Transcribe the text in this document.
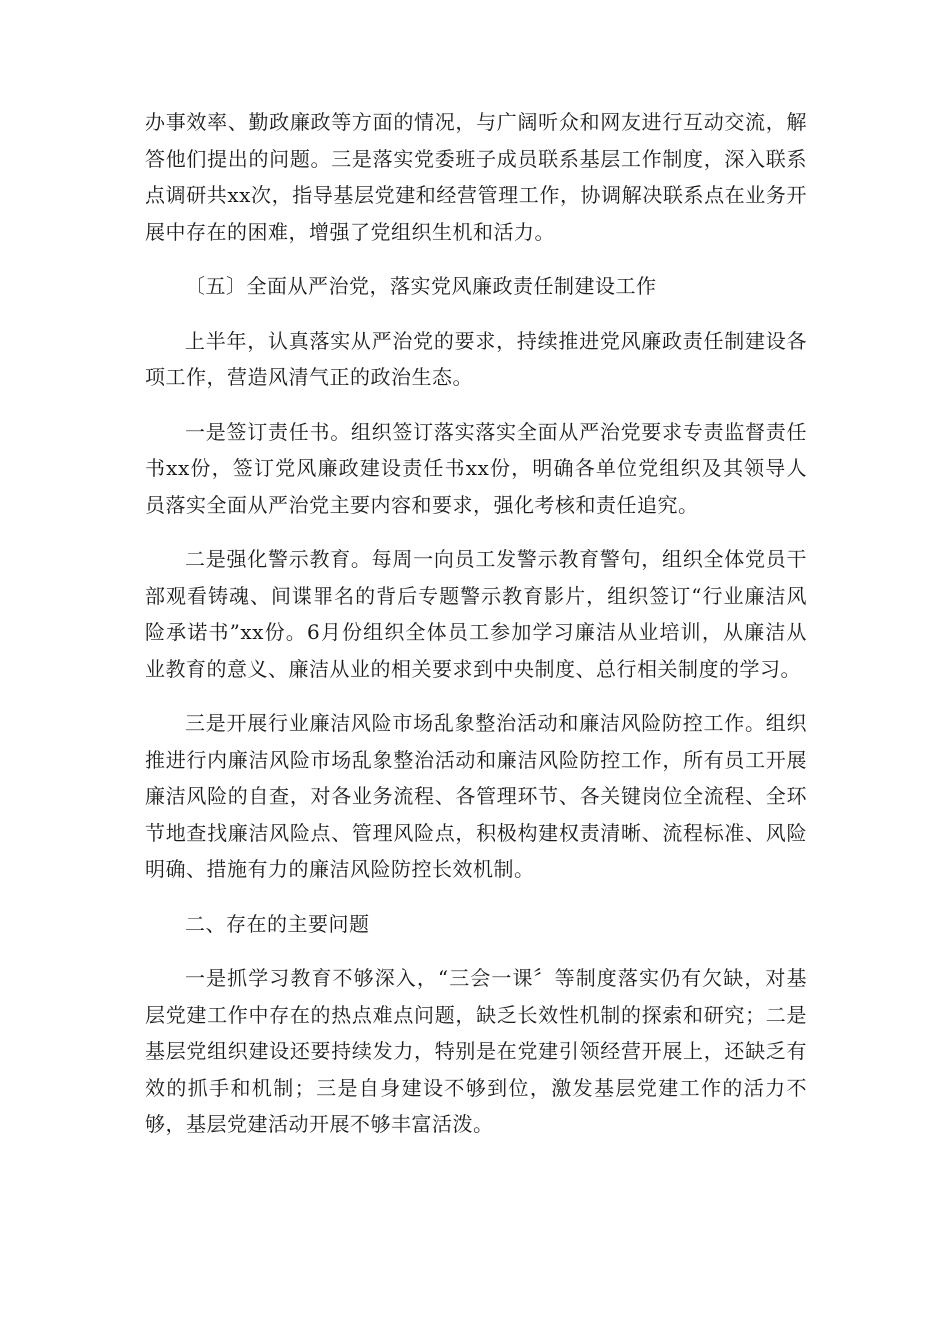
办事效率、勤政廉政等方面的情况，与广阔听众和网友进行互动交流，解答他们提出的问题。三是落实党委班子成员联系基层工作制度，深入联系点调研共xx次，指导基层党建和经营管理工作，协调解决联系点在业务开展中存在的困难，增强了党组织生机和活力。

〔五〕全面从严治党，落实党风廉政责任制建设工作

上半年，认真落实从严治党的要求，持续推进党风廉政责任制建设各项工作，营造风清气正的政治生态。

一是签订责任书。组织签订落实落实全面从严治党要求专责监督责任书xx份，签订党风廉政建设责任书xx份，明确各单位党组织及其领导人员落实全面从严治党主要内容和要求，强化考核和责任追究。

二是强化警示教育。每周一向员工发警示教育警句，组织全体党员干部观看铸魂、间谍罪名的背后专题警示教育影片，组织签订“行业廉洁风险承诺书”xx份。6月份组织全体员工参加学习廉洁从业培训，从廉洁从业教育的意义、廉洁从业的相关要求到中央制度、总行相关制度的学习。

三是开展行业廉洁风险市场乱象整治活动和廉洁风险防控工作。组织推进行内廉洁风险市场乱象整治活动和廉洁风险防控工作，所有员工开展廉洁风险的自查，对各业务流程、各管理环节、各关键岗位全流程、全环节地查找廉洁风险点、管理风险点，积极构建权责清晰、流程标准、风险明确、措施有力的廉洁风险防控长效机制。

二、存在的主要问题

一是抓学习教育不够深入，“三会一课〞等制度落实仍有欠缺，对基层党建工作中存在的热点难点问题，缺乏长效性机制的探索和研究；二是基层党组织建设还要持续发力，特别是在党建引领经营开展上，还缺乏有效的抓手和机制；三是自身建设不够到位，激发基层党建工作的活力不够，基层党建活动开展不够丰富活泼。
